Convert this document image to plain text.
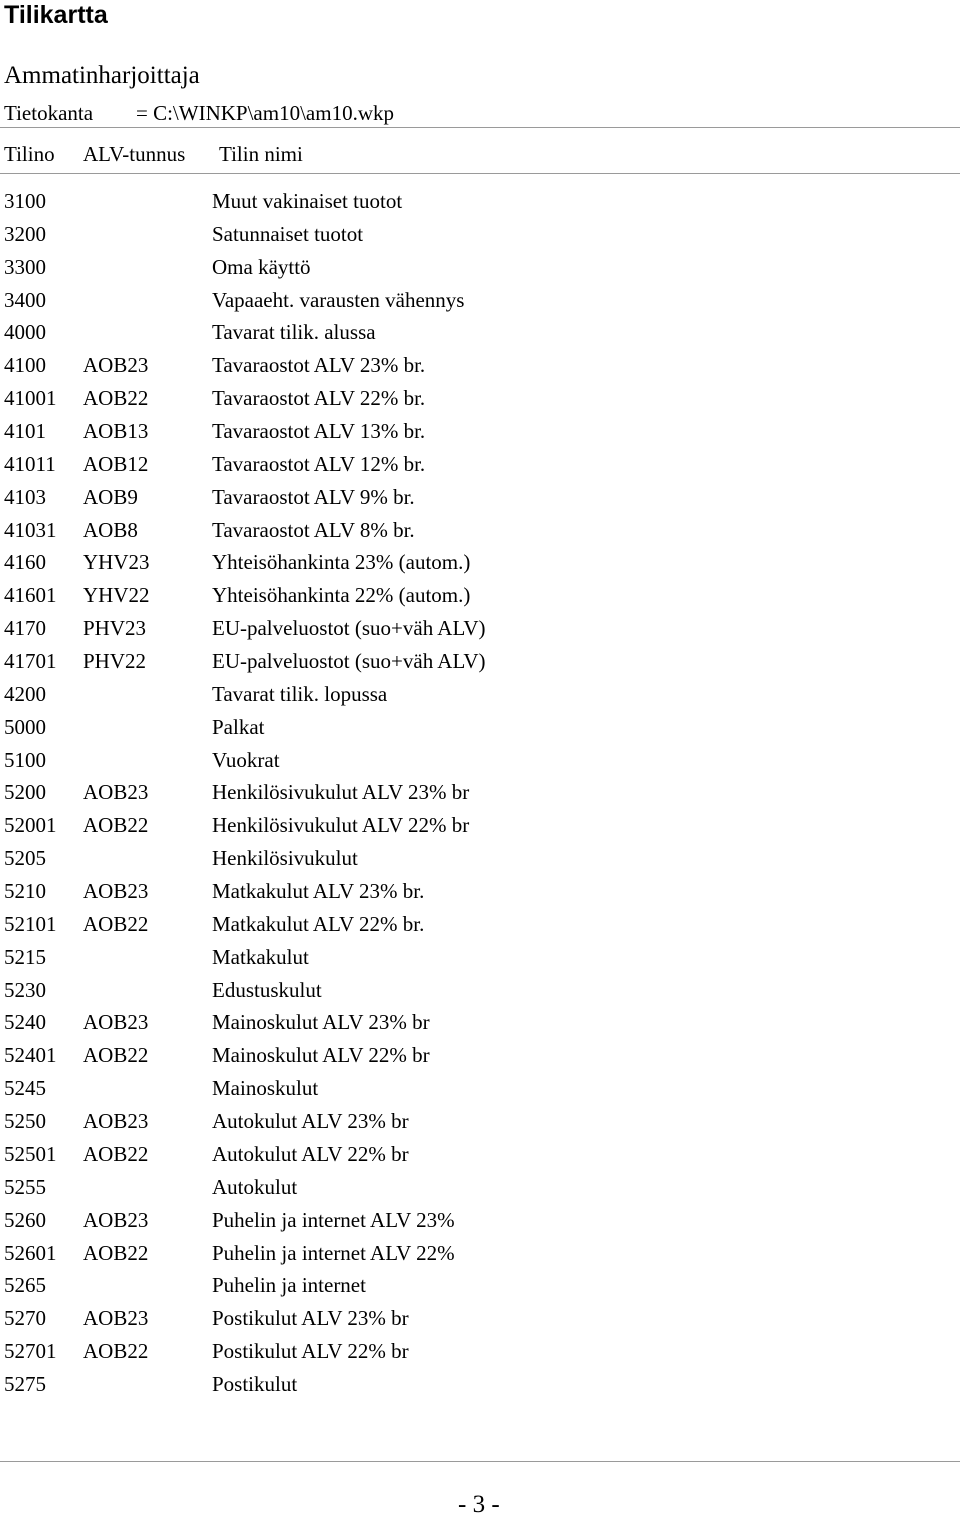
Tilikartta
Ammatinharjoittaja
Tietokanta = C:\WINKP\am10\am10.wkp
Tilino ALV-tunnus Tilin nimi
3100	Muut vakinaiset tuotot
3200	Satunnaiset tuotot
3300	Oma käyttö
3400	Vapaaeht. varausten vähennys
4000	Tavarat tilik. alussa
4100 AOB23	Tavaraostot ALV 23% br.
41001 AOB22	Tavaraostot ALV 22% br.
4101 AOB13	Tavaraostot ALV 13% br.
41011 AOB12	Tavaraostot ALV 12% br.
4103 AOB9	Tavaraostot ALV 9% br.
41031 AOB8	Tavaraostot ALV 8% br.
4160 YHV23	Yhteisöhankinta 23% (autom.)
41601 YHV22	Yhteisöhankinta 22% (autom.)
4170 PHV23	EU-palveluostot (suo+väh ALV)
41701 PHV22	EU-palveluostot (suo+väh ALV)
4200	Tavarat tilik. lopussa
5000	Palkat
5100	Vuokrat
5200 AOB23	Henkilösivukulut ALV 23% br
52001 AOB22	Henkilösivukulut ALV 22% br
5205	Henkilösivukulut
5210 AOB23	Matkakulut ALV 23% br.
52101 AOB22	Matkakulut ALV 22% br.
5215	Matkakulut
5230	Edustuskulut
5240 AOB23	Mainoskulut ALV 23% br
52401 AOB22	Mainoskulut ALV 22% br
5245	Mainoskulut
5250 AOB23	Autokulut ALV 23% br
52501 AOB22	Autokulut ALV 22% br
5255	Autokulut
5260 AOB23	Puhelin ja internet ALV 23%
52601 AOB22	Puhelin ja internet ALV 22%
5265	Puhelin ja internet
5270 AOB23	Postikulut ALV 23% br
52701 AOB22	Postikulut ALV 22% br
5275	Postikulut
- 3 -
